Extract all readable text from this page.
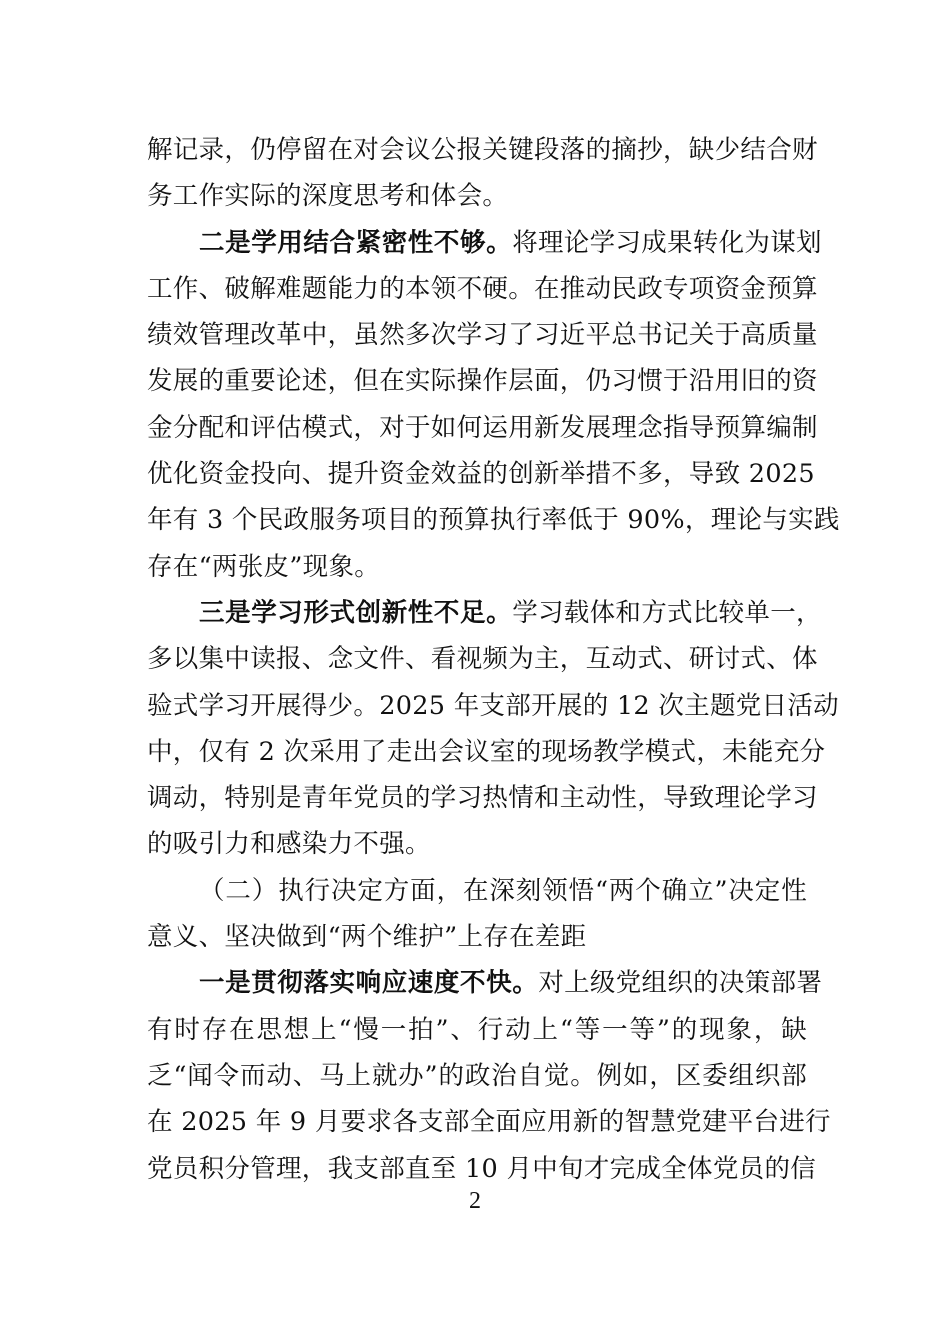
解记录，仍停留在对会议公报关键段落的摘抄，缺少结合财
务工作实际的深度思考和体会。
二是学用结合紧密性不够。将理论学习成果转化为谋划
工作、破解难题能力的本领不硬。在推动民政专项资金预算
绩效管理改革中，虽然多次学习了习近平总书记关于高质量
发展的重要论述，但在实际操作层面，仍习惯于沿用旧的资
金分配和评估模式，对于如何运用新发展理念指导预算编制
优化资金投向、提升资金效益的创新举措不多，导致 2025
年有 3 个民政服务项目的预算执行率低于 90%，理论与实践
存在“两张皮”现象。
三是学习形式创新性不足。学习载体和方式比较单一，
多以集中读报、念文件、看视频为主，互动式、研讨式、体
验式学习开展得少。2025 年支部开展的 12 次主题党日活动
中，仅有 2 次采用了走出会议室的现场教学模式，未能充分
调动，特别是青年党员的学习热情和主动性，导致理论学习
的吸引力和感染力不强。
（二）执行决定方面，在深刻领悟“两个确立”决定性
意义、坚决做到“两个维护”上存在差距
一是贯彻落实响应速度不快。对上级党组织的决策部署
有时存在思想上“慢一拍”、行动上“等一等”的现象，缺
乏“闻令而动、马上就办”的政治自觉。例如，区委组织部
在 2025 年 9 月要求各支部全面应用新的智慧党建平台进行
党员积分管理，我支部直至 10 月中旬才完成全体党员的信
2
